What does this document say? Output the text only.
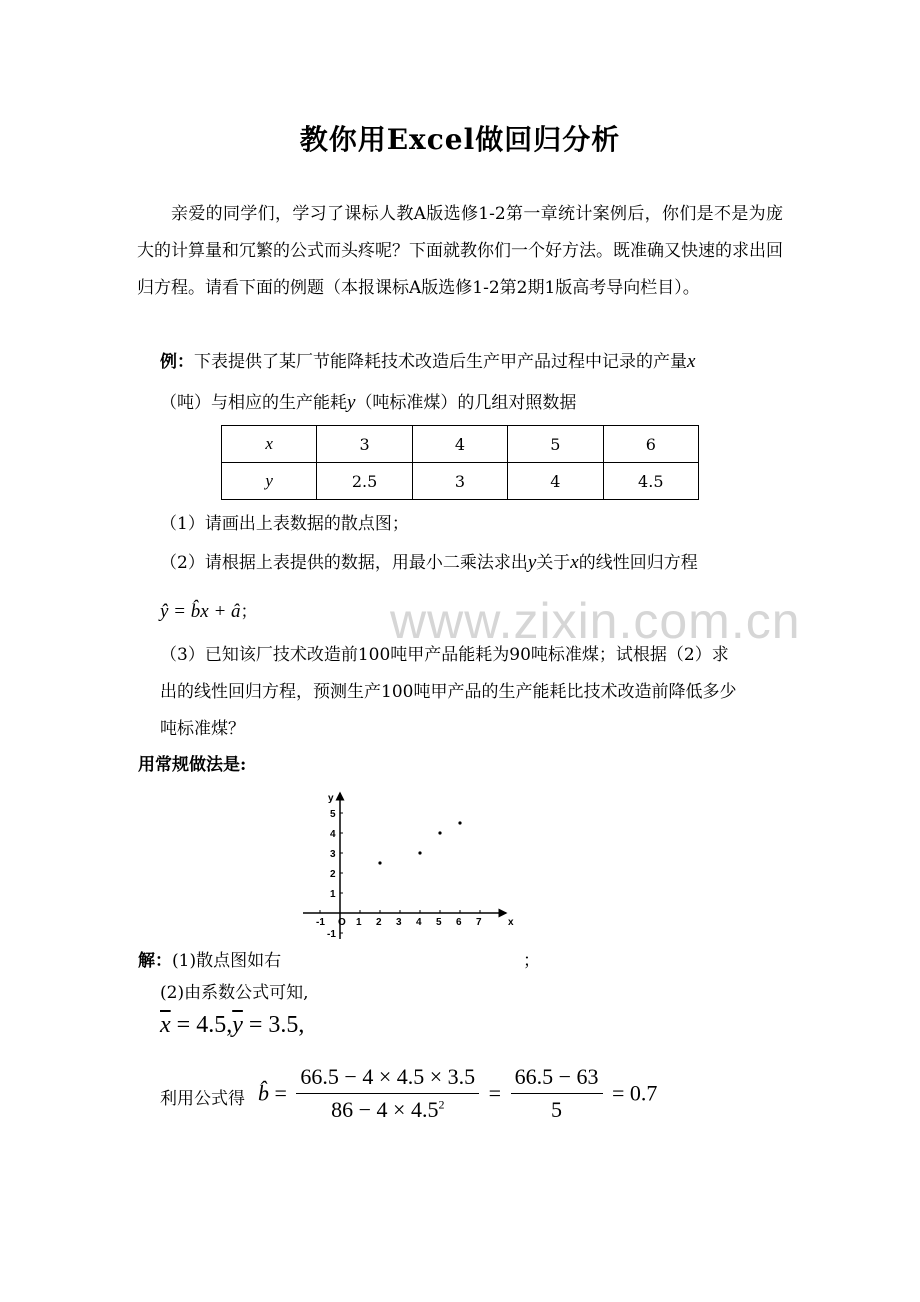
教你用Excel做回归分析
亲爱的同学们，学习了课标人教A版选修1-2第一章统计案例后，你们是不是为庞大的计算量和冗繁的公式而头疼呢？下面就教你们一个好方法。既准确又快速的求出回归方程。请看下面的例题（本报课标A版选修1-2第2期1版高考导向栏目）。
例：下表提供了某厂节能降耗技术改造后生产甲产品过程中记录的产量x
（吨）与相应的生产能耗y（吨标准煤）的几组对照数据
x	3	4	5	6
y	2.5	3	4	4.5
（1）请画出上表数据的散点图；
（2）请根据上表提供的数据，用最小二乘法求出y关于x的线性回归方程
ŷ = b̂x + â；	www.zixin.com.cn
（3）已知该厂技术改造前100吨甲产品能耗为90吨标准煤；试根据（2）求
出的线性回归方程，预测生产100吨甲产品的生产能耗比技术改造前降低多少
吨标准煤？
用常规做法是:
x
y
-1 O 1 2 3 4 5 6 7
5
4
3
2
1
-1
解：(1)散点图如右	；
(2)由系数公式可知,
$\overline{x} = 4.5,\overline{y} = 3.5$,
利用公式得 b̂ = $\frac{66.5 - 4 \times 4.5 \times 3.5}{86 - 4 \times 4.5^2} = \frac{66.5 - 63}{5} = 0.7$
